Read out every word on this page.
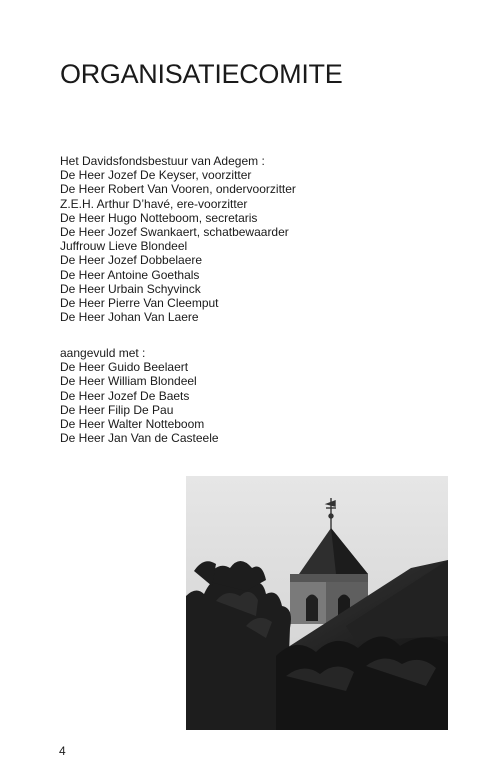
ORGANISATIECOMITE
Het Davidsfondsbestuur van Adegem :
De Heer Jozef De Keyser, voorzitter
De Heer Robert Van Vooren, ondervoorzitter
Z.E.H. Arthur D’havé, ere-voorzitter
De Heer Hugo Notteboom, secretaris
De Heer Jozef Swankaert, schatbewaarder
Juffrouw Lieve Blondeel
De Heer Jozef Dobbelaere
De Heer Antoine Goethals
De Heer Urbain Schyvinck
De Heer Pierre Van Cleemput
De Heer Johan Van Laere
aangevuld met :
De Heer Guido Beelaert
De Heer William Blondeel
De Heer Jozef De Baets
De Heer Filip De Pau
De Heer Walter Notteboom
De Heer Jan Van de Casteele
4
